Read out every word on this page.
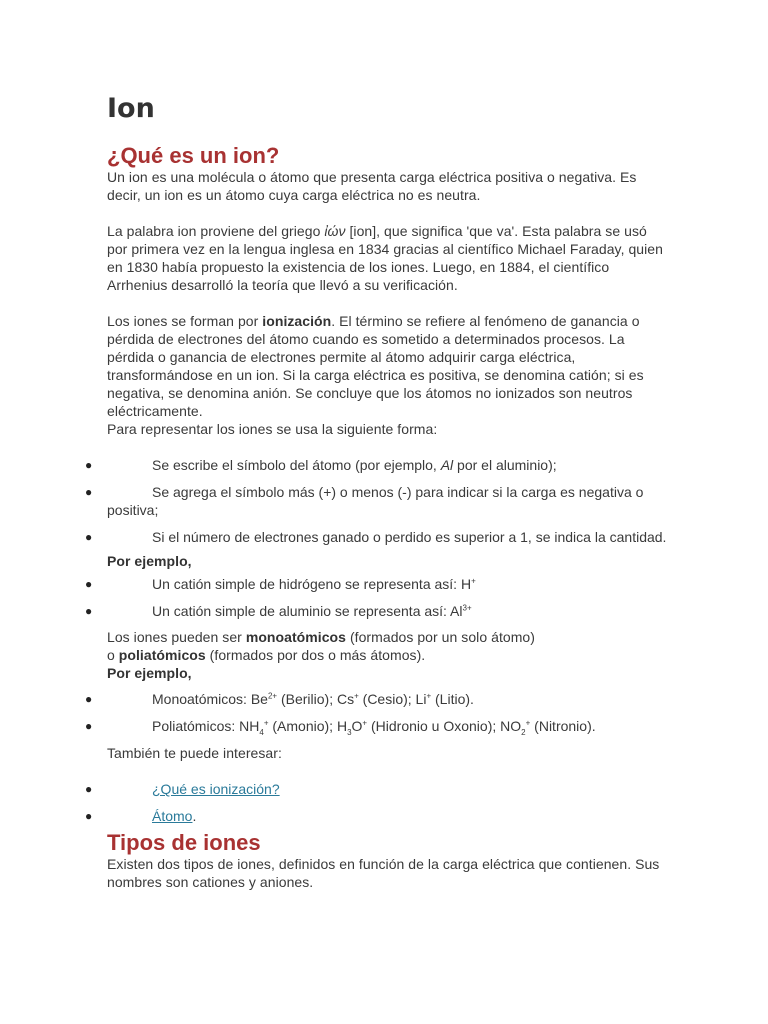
Ion
¿Qué es un ion?

Un ion es una molécula o átomo que presenta carga eléctrica positiva o negativa. Es decir, un ion es un átomo cuya carga eléctrica no es neutra.

La palabra ion proviene del griego ἰών [ion], que significa 'que va'. Esta palabra se usó por primera vez en la lengua inglesa en 1834 gracias al científico Michael Faraday, quien en 1830 había propuesto la existencia de los iones. Luego, en 1884, el científico Arrhenius desarrolló la teoría que llevó a su verificación.

Los iones se forman por ionización. El término se refiere al fenómeno de ganancia o pérdida de electrones del átomo cuando es sometido a determinados procesos. La pérdida o ganancia de electrones permite al átomo adquirir carga eléctrica, transformándose en un ion. Si la carga eléctrica es positiva, se denomina catión; si es negativa, se denomina anión. Se concluye que los átomos no ionizados son neutros eléctricamente.

Para representar los iones se usa la siguiente forma:

●	Se escribe el símbolo del átomo (por ejemplo, Al por el aluminio);
●	Se agrega el símbolo más (+) o menos (-) para indicar si la carga es negativa o positiva;
●	Si el número de electrones ganado o perdido es superior a 1, se indica la cantidad.

Por ejemplo,

●	Un catión simple de hidrógeno se representa así: H+
●	Un catión simple de aluminio se representa así: $Al^{3+}$

Los iones pueden ser monoatómicos (formados por un solo átomo)

o poliatómicos (formados por dos o más átomos).

Por ejemplo,

●	Monoatómicos: $Be^{2+}$ (Berilio); Cs+ (Cesio); Li+ (Litio).
●	Poliatómicos: $NH_4^+$ (Amonio); $H_3O^+$ (Hidronio u Oxonio); $NO_2^+$ (Nitronio).

También te puede interesar:

●	¿Qué es ionización?
●	Átomo.
Tipos de iones

Existen dos tipos de iones, definidos en función de la carga eléctrica que contienen. Sus nombres son cationes y aniones.
